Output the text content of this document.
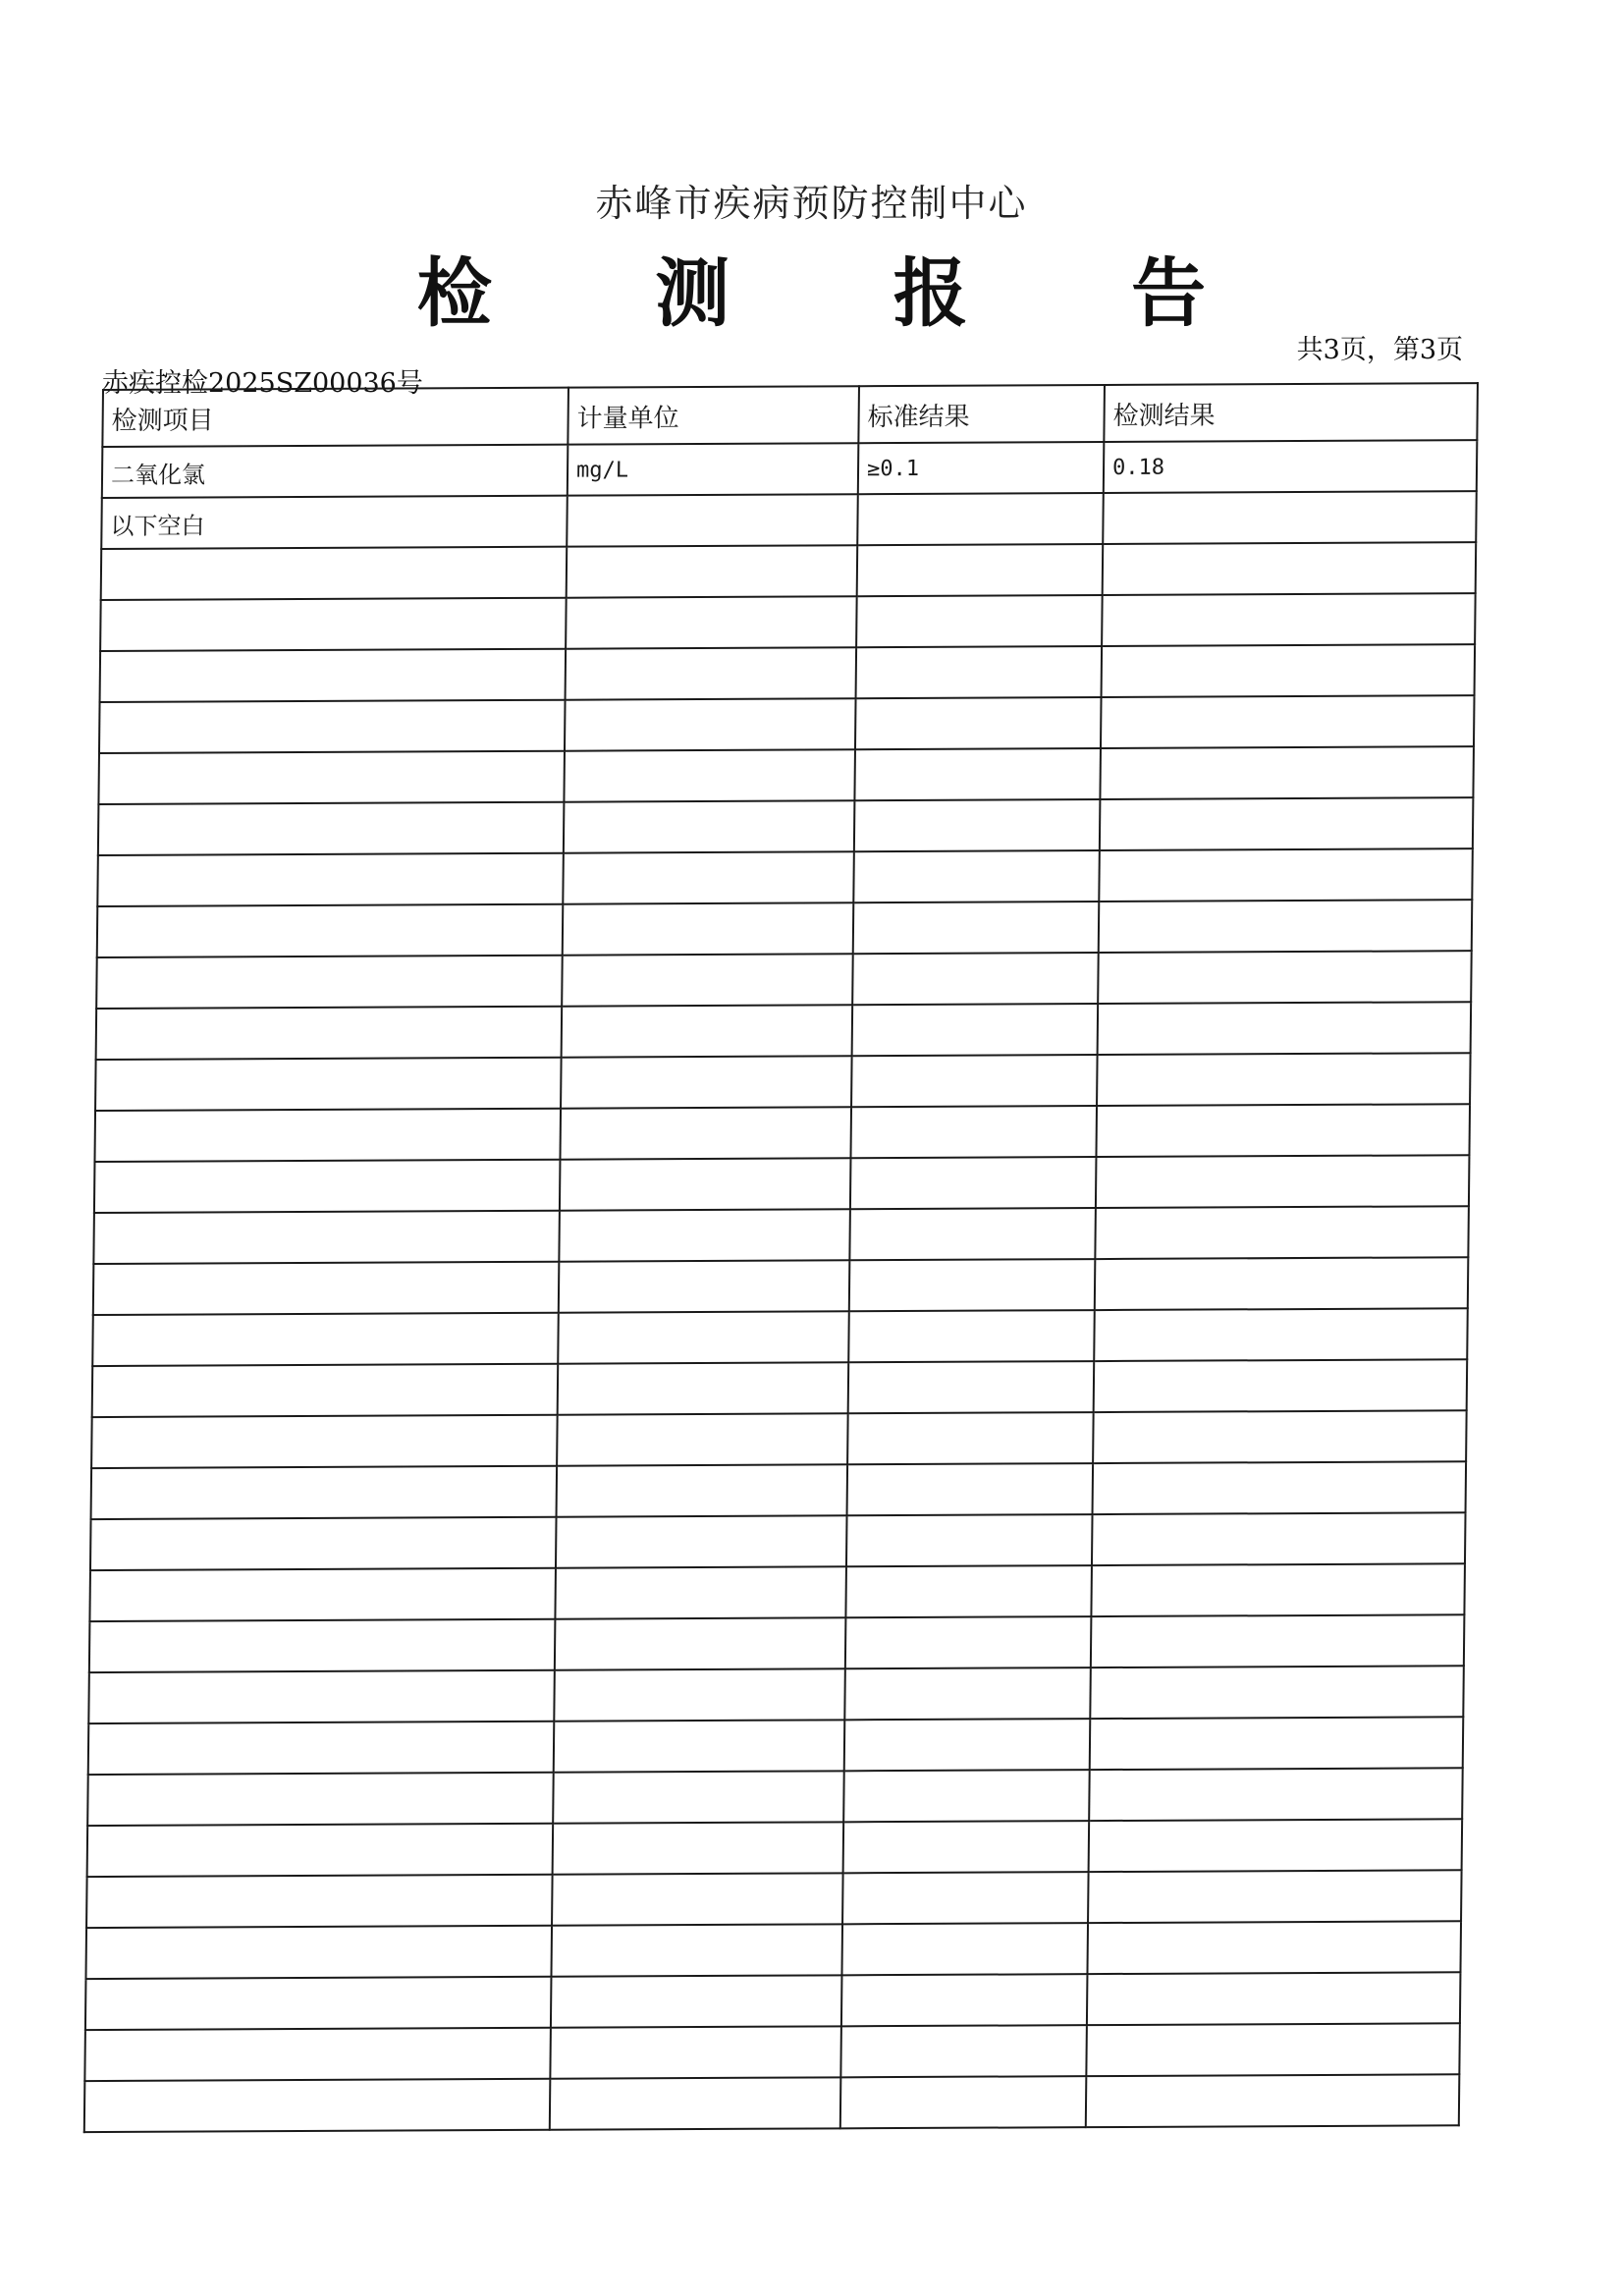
赤峰市疾病预防控制中心
检 测 报 告
共3页，第3页
赤疾控检2025SZ00036号
检测项目	计量单位	标准结果	检测结果
二氧化氯	mg/L	≥0.1	0.18
以下空白			
